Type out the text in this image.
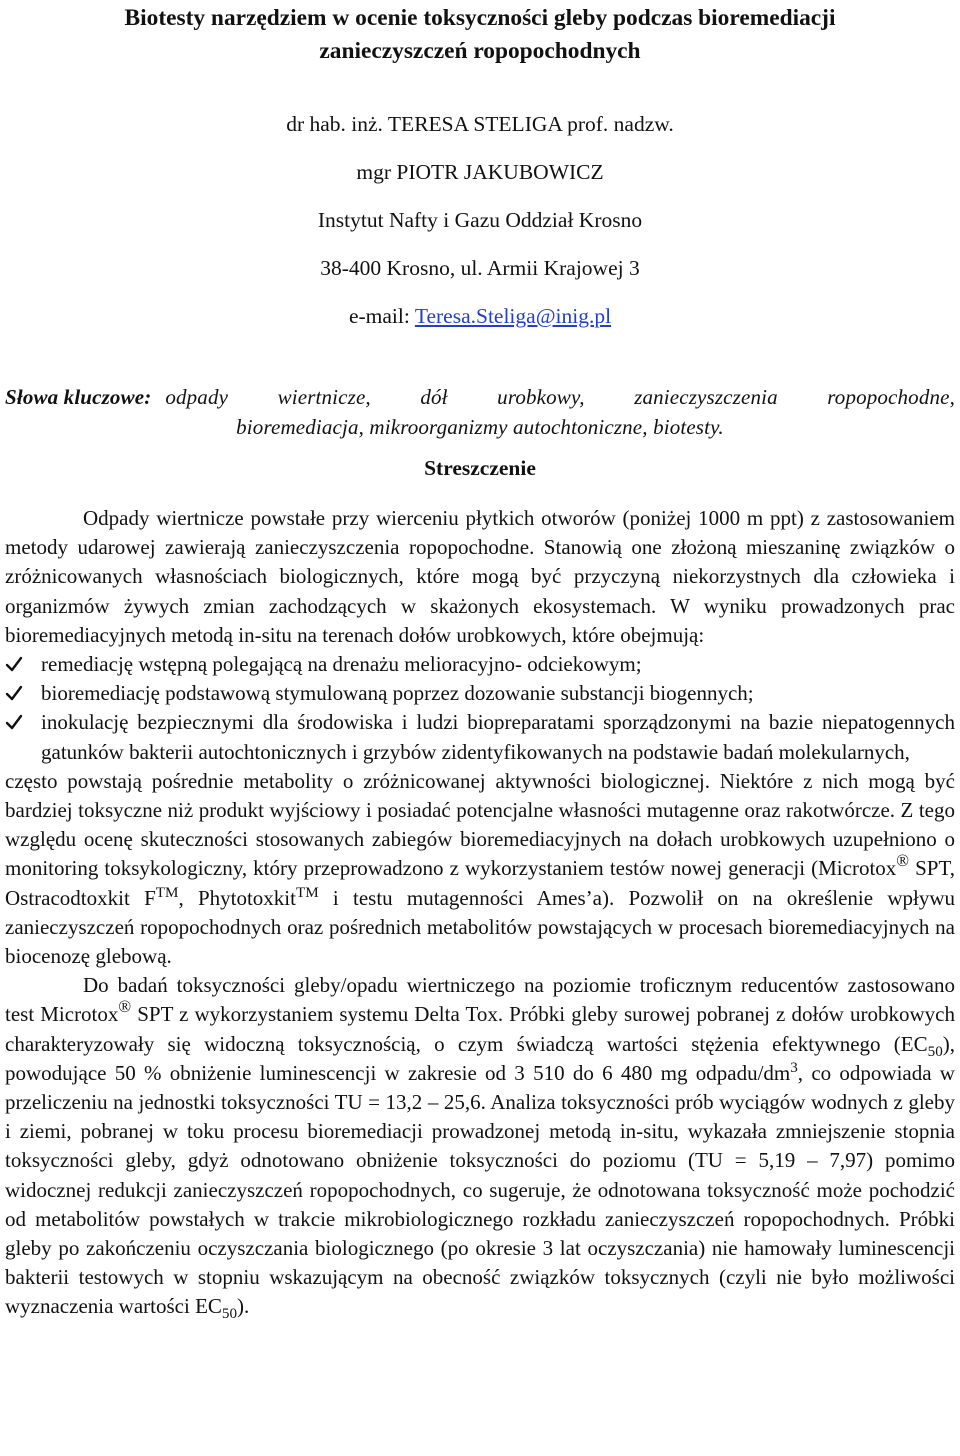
Biotesty narzędziem w ocenie toksyczności gleby podczas bioremediacji
zanieczyszczeń ropopochodnych
dr hab. inż. TERESA STELIGA prof. nadzw.
mgr PIOTR JAKUBOWICZ
Instytut Nafty i Gazu Oddział Krosno
38-400 Krosno, ul. Armii Krajowej 3
e-mail: Teresa.Steliga@inig.pl
Słowa kluczowe: odpady wiertnicze, dół urobkowy, zanieczyszczenia ropopochodne,
bioremediacja, mikroorganizmy autochtoniczne, biotesty.
Streszczenie

Odpady wiertnicze powstałe przy wierceniu płytkich otworów (poniżej 1000 m ppt) z zastosowaniem metody udarowej zawierają zanieczyszczenia ropopochodne. Stanowią one złożoną mieszaninę związków o zróżnicowanych własnościach biologicznych, które mogą być przyczyną niekorzystnych dla człowieka i organizmów żywych zmian zachodzących w skażonych ekosystemach. W wyniku prowadzonych prac bioremediacyjnych metodą in-situ na terenach dołów urobkowych, które obejmują:

remediację wstępną polegającą na drenażu melioracyjno- odciekowym;
bioremediację podstawową stymulowaną poprzez dozowanie substancji biogennych;
inokulację bezpiecznymi dla środowiska i ludzi biopreparatami sporządzonymi na bazie niepatogennych gatunków bakterii autochtonicznych i grzybów zidentyfikowanych na podstawie badań molekularnych,

często powstają pośrednie metabolity o zróżnicowanej aktywności biologicznej. Niektóre z nich mogą być bardziej toksyczne niż produkt wyjściowy i posiadać potencjalne własności mutagenne oraz rakotwórcze. Z tego względu ocenę skuteczności stosowanych zabiegów bioremediacyjnych na dołach urobkowych uzupełniono o monitoring toksykologiczny, który przeprowadzono z wykorzystaniem testów nowej generacji (Microtox® SPT, Ostracodtoxkit F™, Phytotoxkit™ i testu mutagenności Ames’a). Pozwolił on na określenie wpływu zanieczyszczeń ropopochodnych oraz pośrednich metabolitów powstających w procesach bioremediacyjnych na biocenozę glebową.

Do badań toksyczności gleby/opadu wiertniczego na poziomie troficznym reducentów zastosowano test Microtox® SPT z wykorzystaniem systemu Delta Tox. Próbki gleby surowej pobranej z dołów urobkowych charakteryzowały się widoczną toksycznością, o czym świadczą wartości stężenia efektywnego $(EC_{50})$, powodujące 50 % obniżenie luminescencji w zakresie od 3 510 do 6 480 mg odpadu/$dm^3$, co odpowiada w przeliczeniu na jednostki toksyczności TU = 13,2 – 25,6. Analiza toksyczności prób wyciągów wodnych z gleby i ziemi, pobranej w toku procesu bioremediacji prowadzonej metodą in-situ, wykazała zmniejszenie stopnia toksyczności gleby, gdyż odnotowano obniżenie toksyczności do poziomu (TU = 5,19 – 7,97) pomimo widocznej redukcji zanieczyszczeń ropopochodnych, co sugeruje, że odnotowana toksyczność może pochodzić od metabolitów powstałych w trakcie mikrobiologicznego rozkładu zanieczyszczeń ropopochodnych. Próbki gleby po zakończeniu oczyszczania biologicznego (po okresie 3 lat oczyszczania) nie hamowały luminescencji bakterii testowych w stopniu wskazującym na obecność związków toksycznych (czyli nie było możliwości wyznaczenia wartości $EC_{50}$).
